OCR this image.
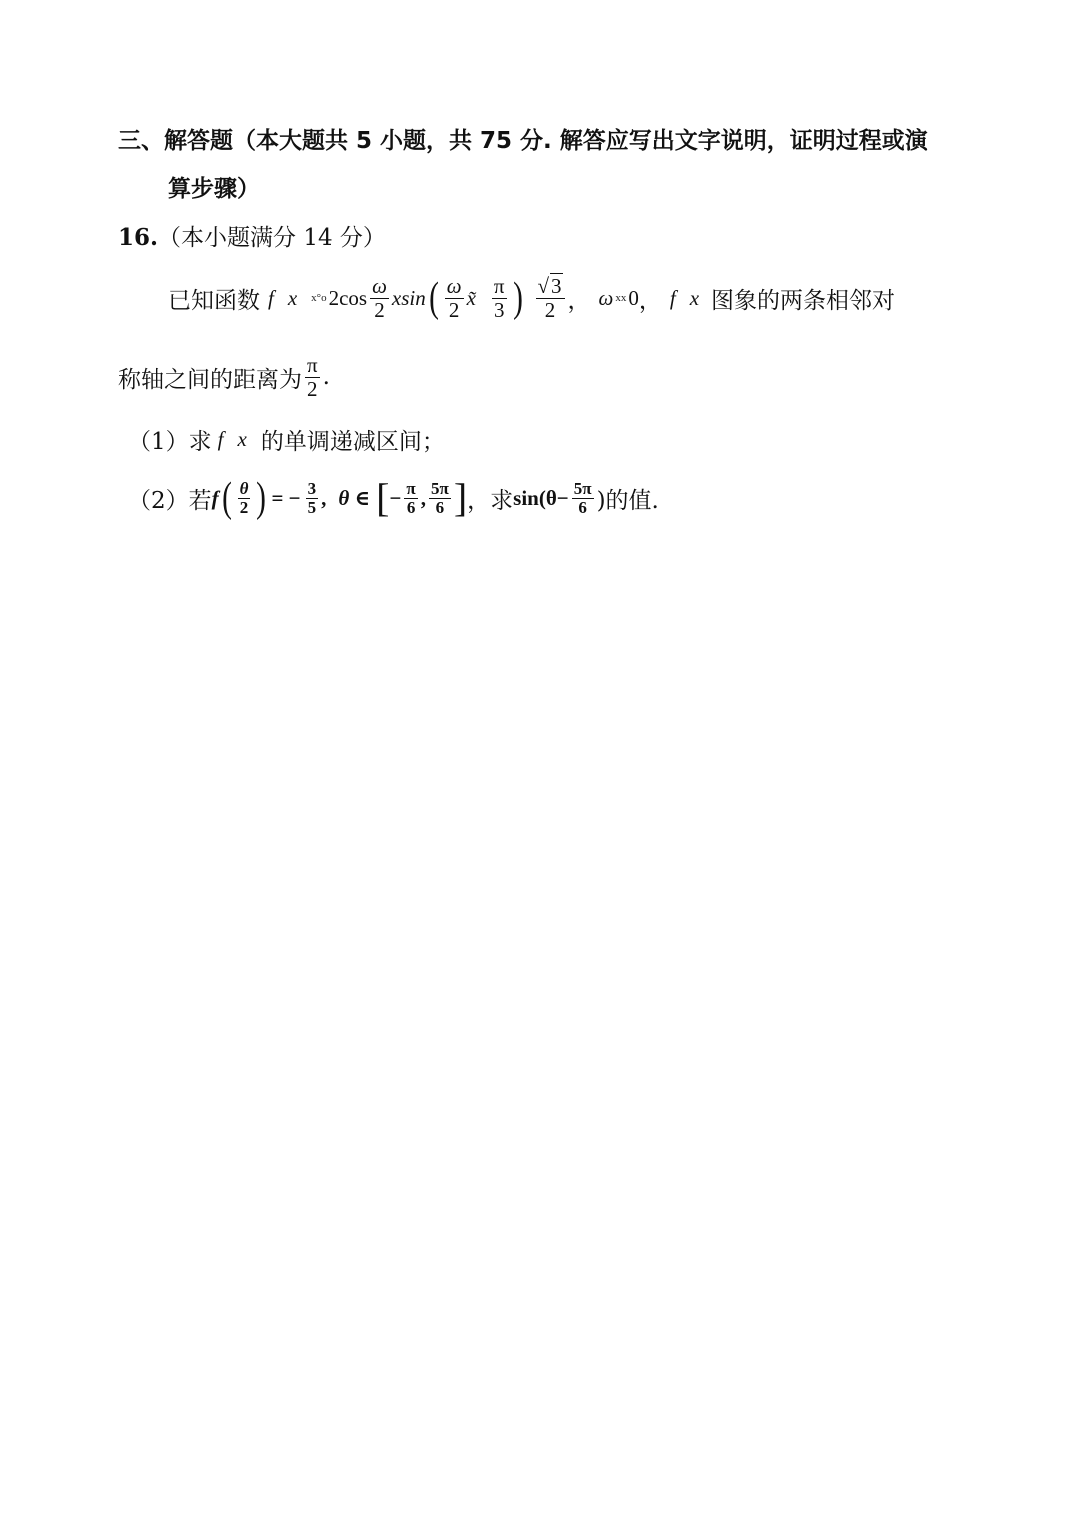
三、解答题（本大题共 5 小题，共 75 分. 解答应写出文字说明，证明过程或演
算步骤）
16.（本小题满分 14 分）
已知函数 f x x°o $2\cos \frac{\omega}{2}$ xsin ( $\frac{\omega}{2}$ x̃ $\frac{\pi}{3}$ ) $\frac{√3}{2}$ ， ω xx 0 ， f x 图象的两条相邻对
称轴之间的距离为 $\frac{\pi}{2}$ .
（1）求 f x 的单调递减区间；
（2）若 f ( $\frac{\theta}{2}$ ) = − $\frac{3}{5}$ , θ ∈ [ − $\frac{\pi}{6}$ , $\frac{5\pi}{6}$ ] ，求 $\sin(\theta- \frac{5\pi}{6}$ )的值.
